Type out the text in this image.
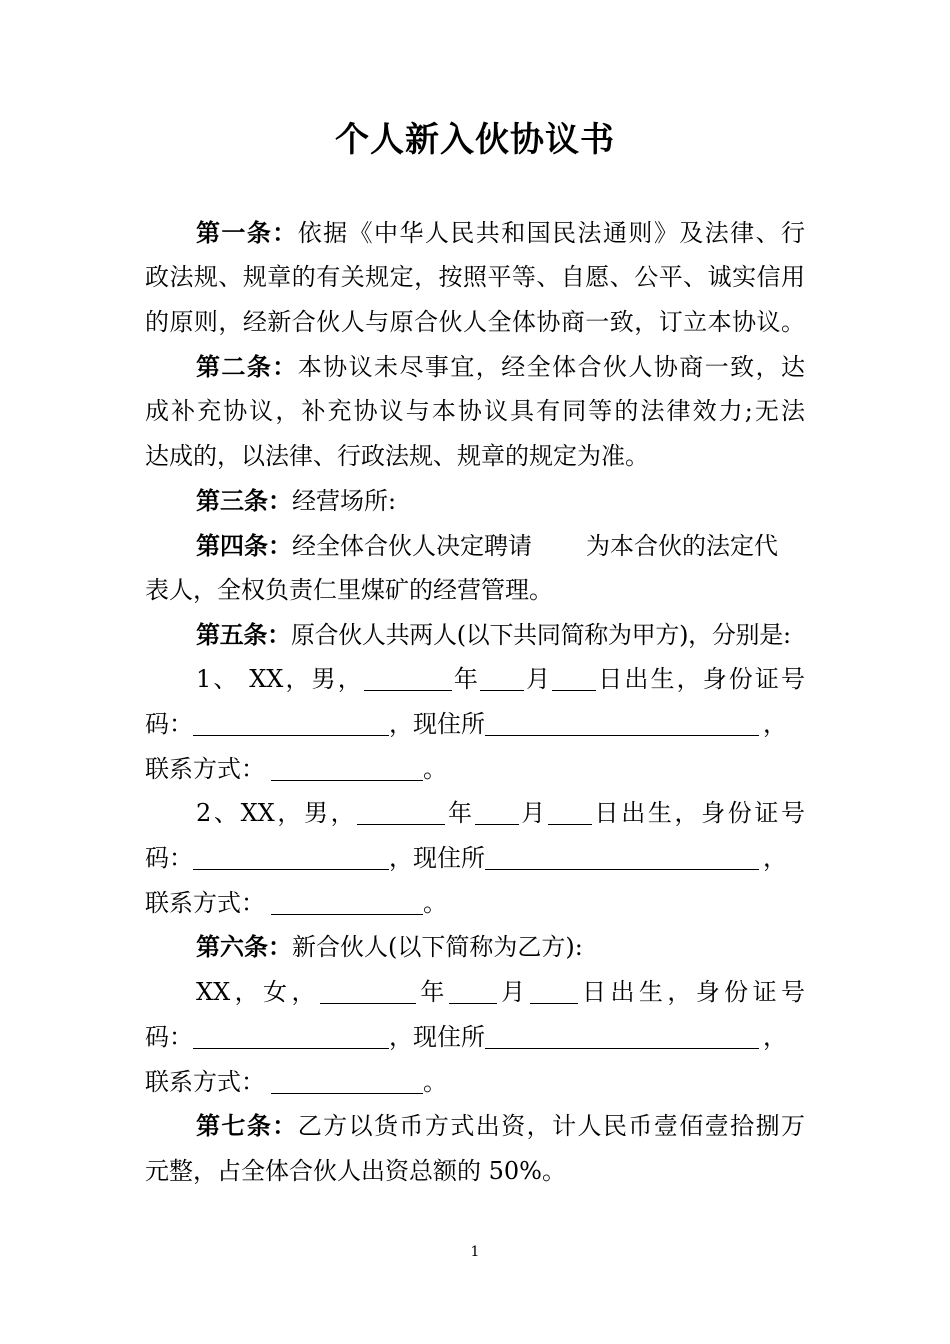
个人新入伙协议书
第一条：依据《中华人民共和国民法通则》及法律、行
政法规、规章的有关规定，按照平等、自愿、公平、诚实信用
的原则，经新合伙人与原合伙人全体协商一致，订立本协议。
第二条：本协议未尽事宜，经全体合伙人协商一致，达
成补充协议，补充协议与本协议具有同等的法律效力;无法
达成的，以法律、行政法规、规章的规定为准。
第三条：经营场所:
第四条：经全体合伙人决定聘请 为本合伙的法定代
表人，全权负责仁里煤矿的经营管理。
第五条：原合伙人共两人(以下共同简称为甲方)，分别是:
1、 XX，男，	年 月 日出生，身份证号
码：	，现住所	，
联系方式：	。
2、XX，男，	年 月 日出生，身份证号
码：	，现住所	，
联系方式：	。
第六条：新合伙人(以下简称为乙方):
XX，女，	年 月 日出生，身份证号
码：	，现住所	，
联系方式：	。
第七条：乙方以货币方式出资，计人民币壹佰壹拾捌万
元整，占全体合伙人出资总额的 50%。
1
